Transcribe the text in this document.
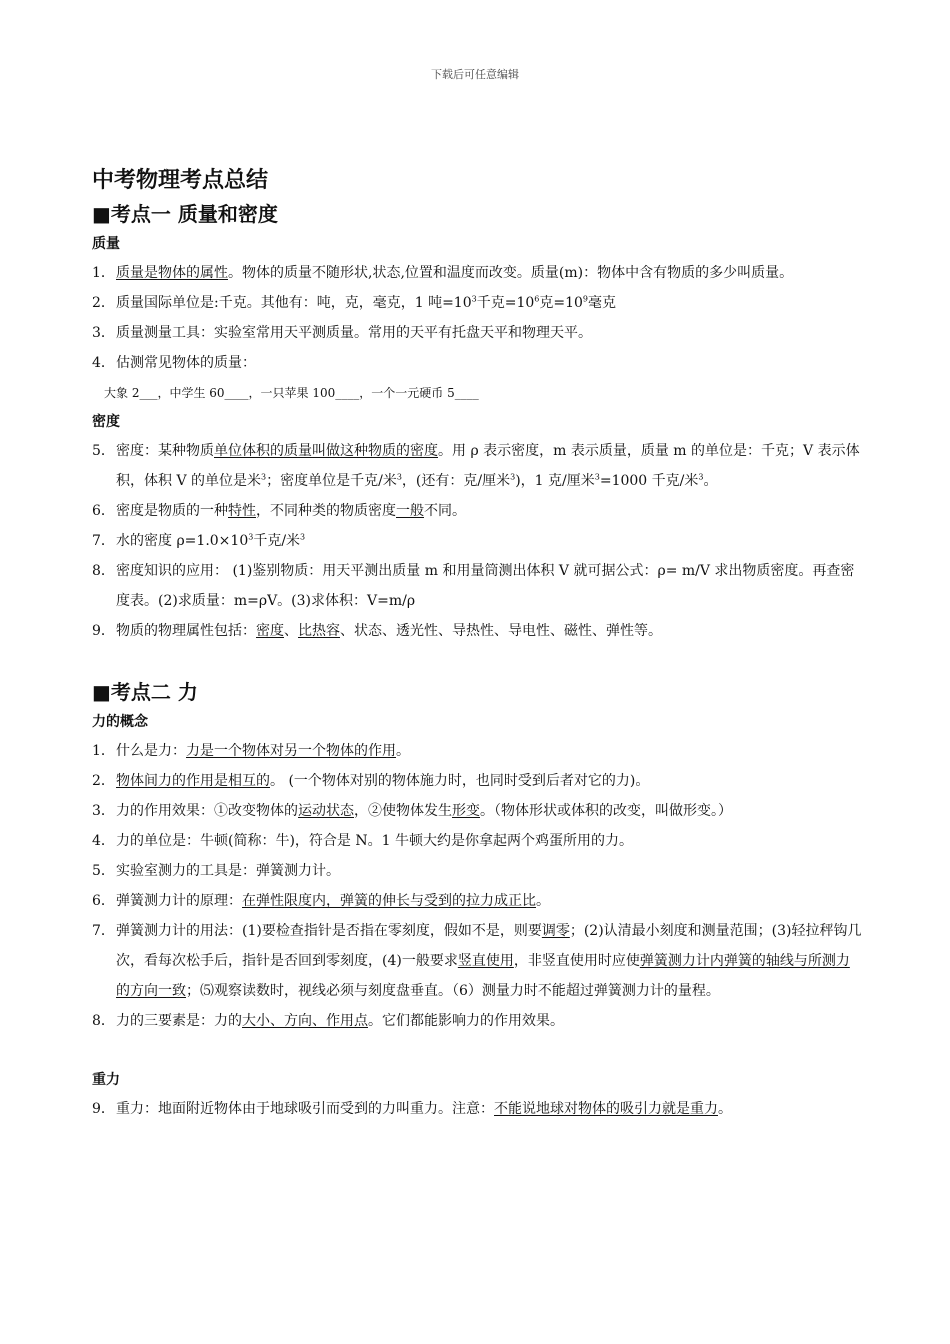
下载后可任意编辑
中考物理考点总结
■考点一 质量和密度
质量
1． 质量是物体的属性。物体的质量不随形状,状态,位置和温度而改变。质量(m)：物体中含有物质的多少叫质量。
2． 质量国际单位是:千克。其他有：吨，克，毫克，1 吨$=10^3$千克$=10^6$克$=10^9$毫克
3． 质量测量工具：实验室常用天平测质量。常用的天平有托盘天平和物理天平。
4． 估测常见物体的质量：
大象 2___，中学生 60____，一只苹果 100____，一个一元硬币 5____
密度
5． 密度：某种物质单位体积的质量叫做这种物质的密度。用 ρ 表示密度，m 表示质量，质量 m 的单位是：千克；V 表示体积，体积 V 的单位是米$^3$；密度单位是千克/米$^3$，(还有：克/厘米$^3$)，1 克/厘米$^3$=1000 千克/米$^3$。
6． 密度是物质的一种特性，不同种类的物质密度一般不同。
7． 水的密度 $\rho=1.0\times 10^3$千克/米$^3$
8． 密度知识的应用： (1)鉴别物质：用天平测出质量 m 和用量筒测出体积 V 就可据公式：ρ= m/V 求出物质密度。再查密度表。(2)求质量：m=ρV。(3)求体积：V=m/ρ
9． 物质的物理属性包括：密度、比热容、状态、透光性、导热性、导电性、磁性、弹性等。
■考点二 力
力的概念
1． 什么是力：力是一个物体对另一个物体的作用。
2． 物体间力的作用是相互的。 (一个物体对别的物体施力时，也同时受到后者对它的力)。
3． 力的作用效果：①改变物体的运动状态，②使物体发生形变。（物体形状或体积的改变，叫做形变。）
4． 力的单位是：牛顿(简称：牛)，符合是 N。1 牛顿大约是你拿起两个鸡蛋所用的力。
5． 实验室测力的工具是：弹簧测力计。
6． 弹簧测力计的原理：在弹性限度内，弹簧的伸长与受到的拉力成正比。
7． 弹簧测力计的用法：(1)要检查指针是否指在零刻度，假如不是，则要调零；(2)认清最小刻度和测量范围；(3)轻拉秤钩几次，看每次松手后，指针是否回到零刻度，(4)一般要求竖直使用，非竖直使用时应使弹簧测力计内弹簧的轴线与所测力的方向一致；⑸观察读数时，视线必须与刻度盘垂直。（6）测量力时不能超过弹簧测力计的量程。
8． 力的三要素是：力的大小、方向、作用点。它们都能影响力的作用效果。
重力
9． 重力：地面附近物体由于地球吸引而受到的力叫重力。注意：不能说地球对物体的吸引力就是重力。
